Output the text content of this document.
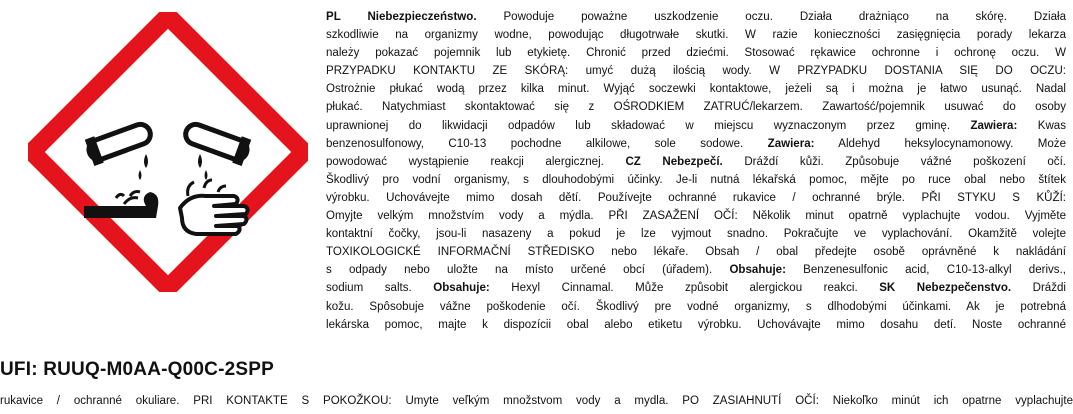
UFI: RUUQ-M0AA-Q00C-2SPP
PL Niebezpieczeństwo. Powoduje poważne uszkodzenie oczu. Działa drażniąco na skórę. Działa
szkodliwie na organizmy wodne, powodując długotrwałe skutki. W razie konieczności zasięgnięcia porady lekarza
należy pokazać pojemnik lub etykietę. Chronić przed dziećmi. Stosować rękawice ochronne i ochronę oczu. W
PRZYPADKU KONTAKTU ZE SKÓRĄ: umyć dużą ilością wody. W PRZYPADKU DOSTANIA SIĘ DO OCZU:
Ostrożnie płukać wodą przez kilka minut. Wyjąć soczewki kontaktowe, jeżeli są i można je łatwo usunąć. Nadal
płukać. Natychmiast skontaktować się z OŚRODKIEM ZATRUĆ/lekarzem. Zawartość/pojemnik usuwać do osoby
uprawnionej do likwidacji odpadów lub składować w miejscu wyznaczonym przez gminę. Zawiera: Kwas
benzenosulfonowy, C10-13 pochodne alkilowe, sole sodowe. Zawiera: Aldehyd heksylocynamonowy. Może
powodować wystąpienie reakcji alergicznej. CZ Nebezpečí. Dráždí kůži. Způsobuje vážné poškození očí.
Škodlivý pro vodní organismy, s dlouhodobými účinky. Je-li nutná lékařská pomoc, mějte po ruce obal nebo štítek
výrobku. Uchovávejte mimo dosah dětí. Používejte ochranné rukavice / ochranné brýle. PŘI STYKU S KŮŽÍ:
Omyjte velkým množstvím vody a mýdla. PŘI ZASAŽENÍ OČÍ: Několik minut opatrně vyplachujte vodou. Vyjměte
kontaktní čočky, jsou-li nasazeny a pokud je lze vyjmout snadno. Pokračujte ve vyplachování. Okamžitě volejte
TOXIKOLOGICKÉ INFORMAČNÍ STŘEDISKO nebo lékaře. Obsah / obal předejte osobě oprávněné k nakládání
s odpady nebo uložte na místo určené obcí (úřadem). Obsahuje: Benzenesulfonic acid, C10-13-alkyl derivs.,
sodium salts. Obsahuje: Hexyl Cinnamal. Může způsobit alergickou reakci. SK Nebezpečenstvo. Dráždi
kožu. Spôsobuje vážne poškodenie očí. Škodlivý pre vodné organizmy, s dlhodobými účinkami. Ak je potrebná
lekárska pomoc, majte k dispozícii obal alebo etiketu výrobku. Uchovávajte mimo dosahu detí. Noste ochranné
rukavice / ochranné okuliare. PRI KONTAKTE S POKOŽKOU: Umyte veľkým množstvom vody a mydla. PO ZASIAHNUTÍ OČÍ: Niekoľko minút ich opatrne vyplachujte
